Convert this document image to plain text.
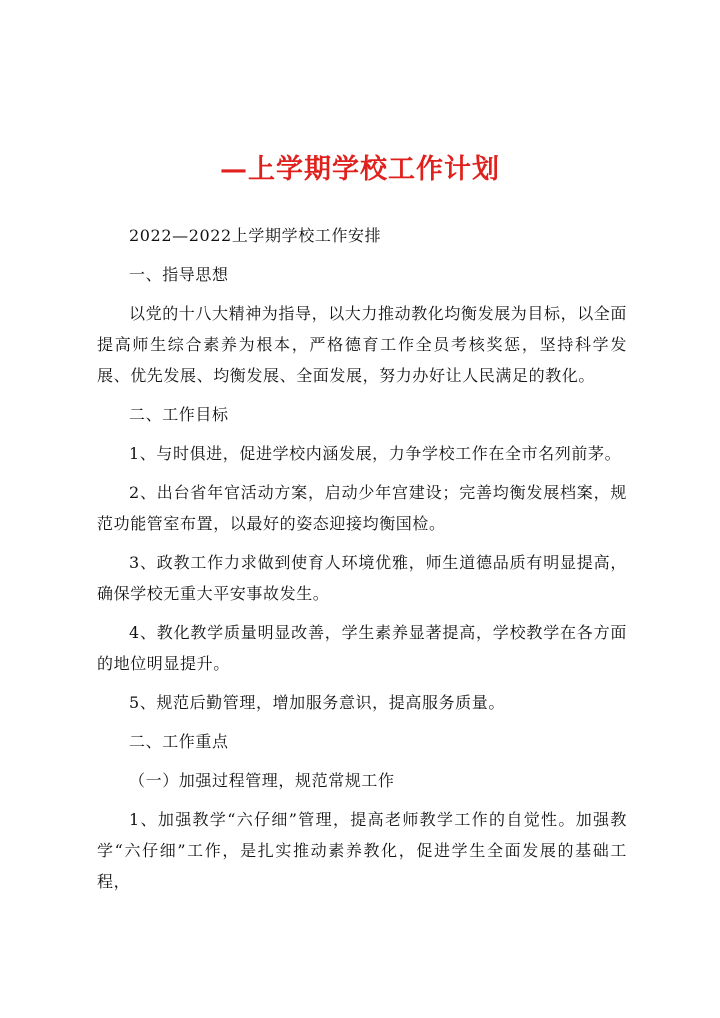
—上学期学校工作计划

2022—2022上学期学校工作安排

一、指导思想

以党的十八大精神为指导，以大力推动教化均衡发展为目标，以全面提高师生综合素养为根本，严格德育工作全员考核奖惩，坚持科学发展、优先发展、均衡发展、全面发展，努力办好让人民满足的教化。

二、工作目标

1、与时俱进，促进学校内涵发展，力争学校工作在全市名列前茅。

2、出台省年官活动方案，启动少年宫建设；完善均衡发展档案，规范功能管室布置，以最好的姿态迎接均衡国检。

3、政教工作力求做到使育人环境优雅，师生道德品质有明显提高，确保学校无重大平安事故发生。

4、教化教学质量明显改善，学生素养显著提高，学校教学在各方面的地位明显提升。

5、规范后勤管理，增加服务意识，提高服务质量。

二、工作重点

（一）加强过程管理，规范常规工作

1、加强教学“六仔细”管理，提高老师教学工作的自觉性。加强教学“六仔细”工作，是扎实推动素养教化，促进学生全面发展的基础工程，
